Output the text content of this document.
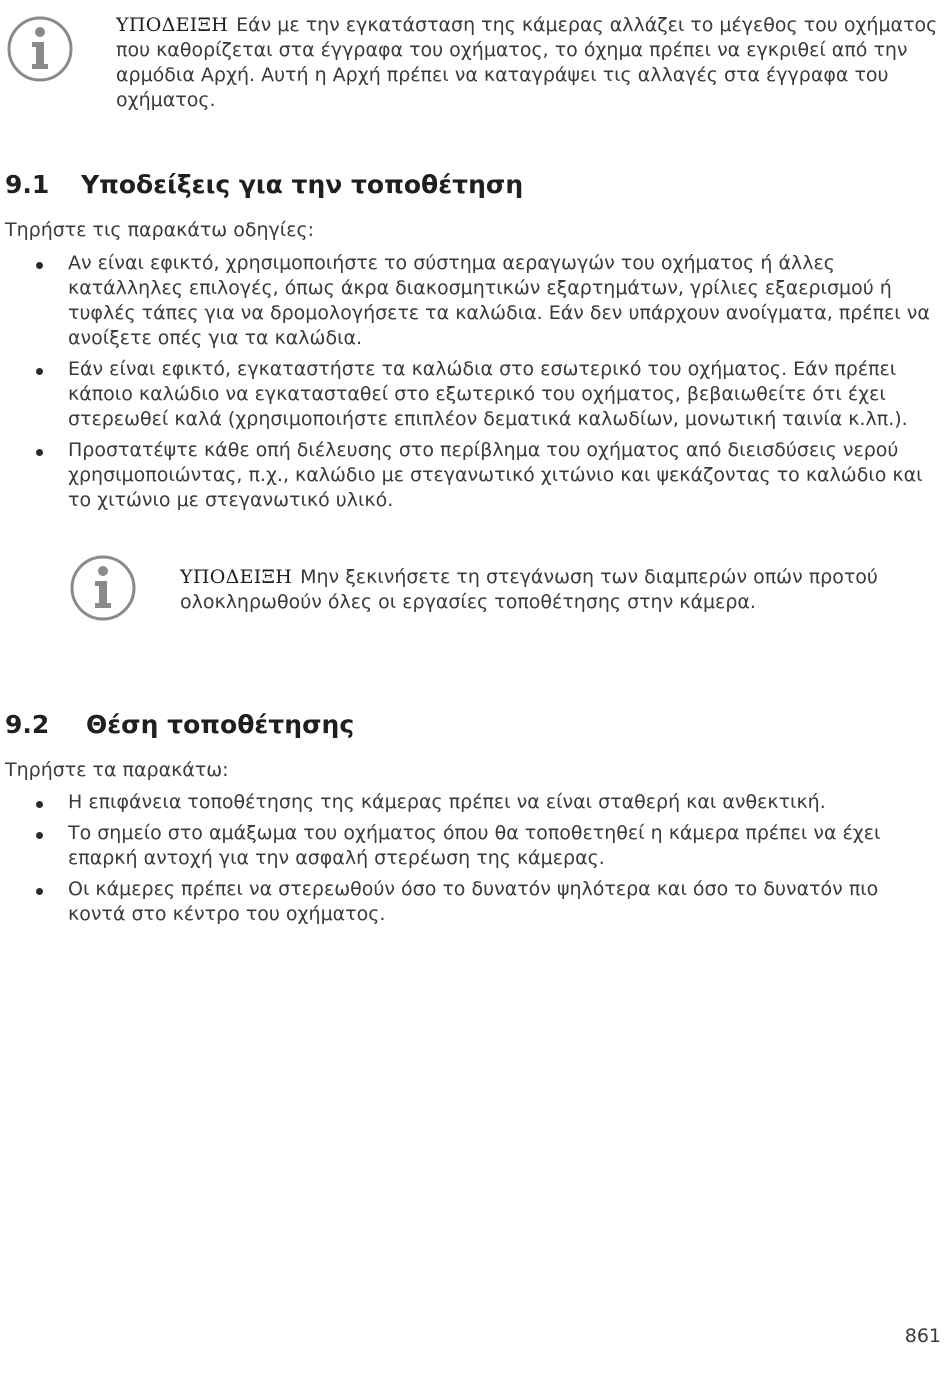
ΥΠΟΔΕΙΞΗ Εάν με την εγκατάσταση της κάμερας αλλάζει το μέγεθος του οχήματος που καθορίζεται στα έγγραφα του οχήματος, το όχημα πρέπει να εγκριθεί από την αρμόδια Αρχή. Αυτή η Αρχή πρέπει να καταγράψει τις αλλαγές στα έγγραφα του οχήματος.
9.1 Υποδείξεις για την τοποθέτηση

Τηρήστε τις παρακάτω οδηγίες:

Αν είναι εφικτό, χρησιμοποιήστε το σύστημα αεραγωγών του οχήματος ή άλλες κατάλληλες επιλογές, όπως άκρα διακοσμητικών εξαρτημάτων, γρίλιες εξαερισμού ή τυφλές τάπες για να δρομολογήσετε τα καλώδια. Εάν δεν υπάρχουν ανοίγματα, πρέπει να ανοίξετε οπές για τα καλώδια.
Εάν είναι εφικτό, εγκαταστήστε τα καλώδια στο εσωτερικό του οχήματος. Εάν πρέπει κάποιο καλώδιο να εγκατασταθεί στο εξωτερικό του οχήματος, βεβαιωθείτε ότι έχει στερεωθεί καλά (χρησιμοποιήστε επιπλέον δεματικά καλωδίων, μονωτική ταινία κ.λπ.).
Προστατέψτε κάθε οπή διέλευσης στο περίβλημα του οχήματος από διεισδύσεις νερού χρησιμοποιώντας, π.χ., καλώδιο με στεγανωτικό χιτώνιο και ψεκάζοντας το καλώδιο και το χιτώνιο με στεγανωτικό υλικό.
ΥΠΟΔΕΙΞΗ Μην ξεκινήσετε τη στεγάνωση των διαμπερών οπών προτού ολοκληρωθούν όλες οι εργασίες τοποθέτησης στην κάμερα.
9.2 Θέση τοποθέτησης

Τηρήστε τα παρακάτω:

Η επιφάνεια τοποθέτησης της κάμερας πρέπει να είναι σταθερή και ανθεκτική.
Το σημείο στο αμάξωμα του οχήματος όπου θα τοποθετηθεί η κάμερα πρέπει να έχει επαρκή αντοχή για την ασφαλή στερέωση της κάμερας.
Οι κάμερες πρέπει να στερεωθούν όσο το δυνατόν ψηλότερα και όσο το δυνατόν πιο κοντά στο κέντρο του οχήματος.
861
